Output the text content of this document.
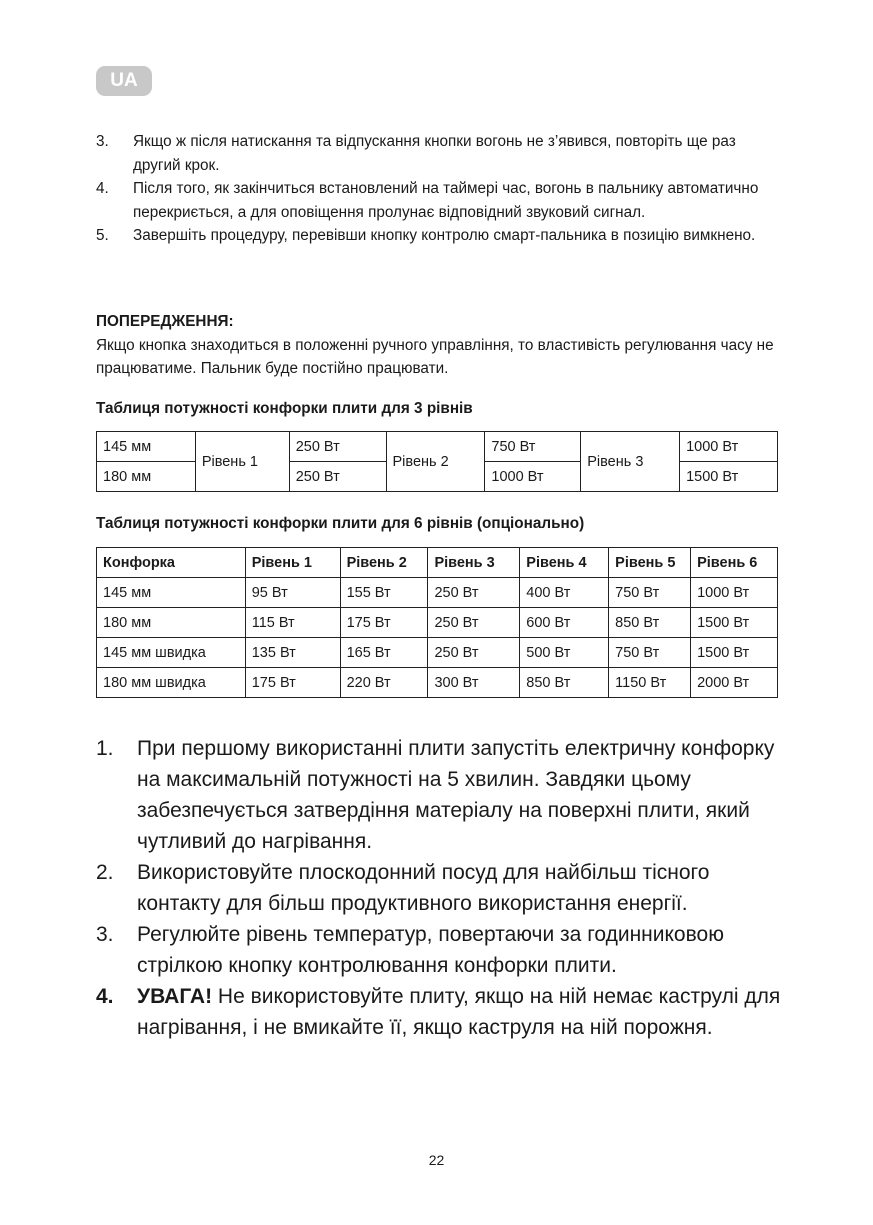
UA
3.	Якщо ж після натискання та відпускання кнопки вогонь не з’явився, повторіть ще раз другий крок.
4.	Після того, як закінчиться встановлений на таймері час, вогонь в пальнику автоматично перекриється, а для оповіщення пролунає відповідний звуковий сигнал.
5.	Завершіть процедуру, перевівши кнопку контролю смарт-пальника в позицію вимкнено.
ПОПЕРЕДЖЕННЯ:
Якщо кнопка знаходиться в положенні ручного управління, то властивість регулювання часу не працюватиме. Пальник буде постійно працювати.
Таблиця потужності конфорки плити для 3 рівнів
145 мм	Рівень 1	250 Вт	Рівень 2	750 Вт	Рівень 3	1000 Вт
180 мм		250 Вт		1000 Вт		1500 Вт
Таблиця потужності конфорки плити для 6 рівнів (опціонально)
Конфорка	Рівень 1	Рівень 2	Рівень 3	Рівень 4	Рівень 5	Рівень 6
145 мм	95 Вт	155 Вт	250 Вт	400 Вт	750 Вт	1000 Вт
180 мм	115 Вт	175 Вт	250 Вт	600 Вт	850 Вт	1500 Вт
145 мм швидка	135 Вт	165 Вт	250 Вт	500 Вт	750 Вт	1500 Вт
180 мм швидка	175 Вт	220 Вт	300 Вт	850 Вт	1150 Вт	2000 Вт
1.	При першому використанні плити запустіть електричну конфорку на максимальній потужності на 5 хвилин. Завдяки цьому забезпечується затвердіння матеріалу на поверхні плити, який чутливий до нагрівання.
2.	Використовуйте плоскодонний посуд для найбільш тісного контакту для більш продуктивного використання енергії.
3.	Регулюйте рівень температур, повертаючи за годинниковою стрілкою кнопку контролювання конфорки плити.
4.	УВАГА! Не використовуйте плиту, якщо на ній немає каструлі для нагрівання, і не вмикайте її, якщо каструля на ній порожня.
22
